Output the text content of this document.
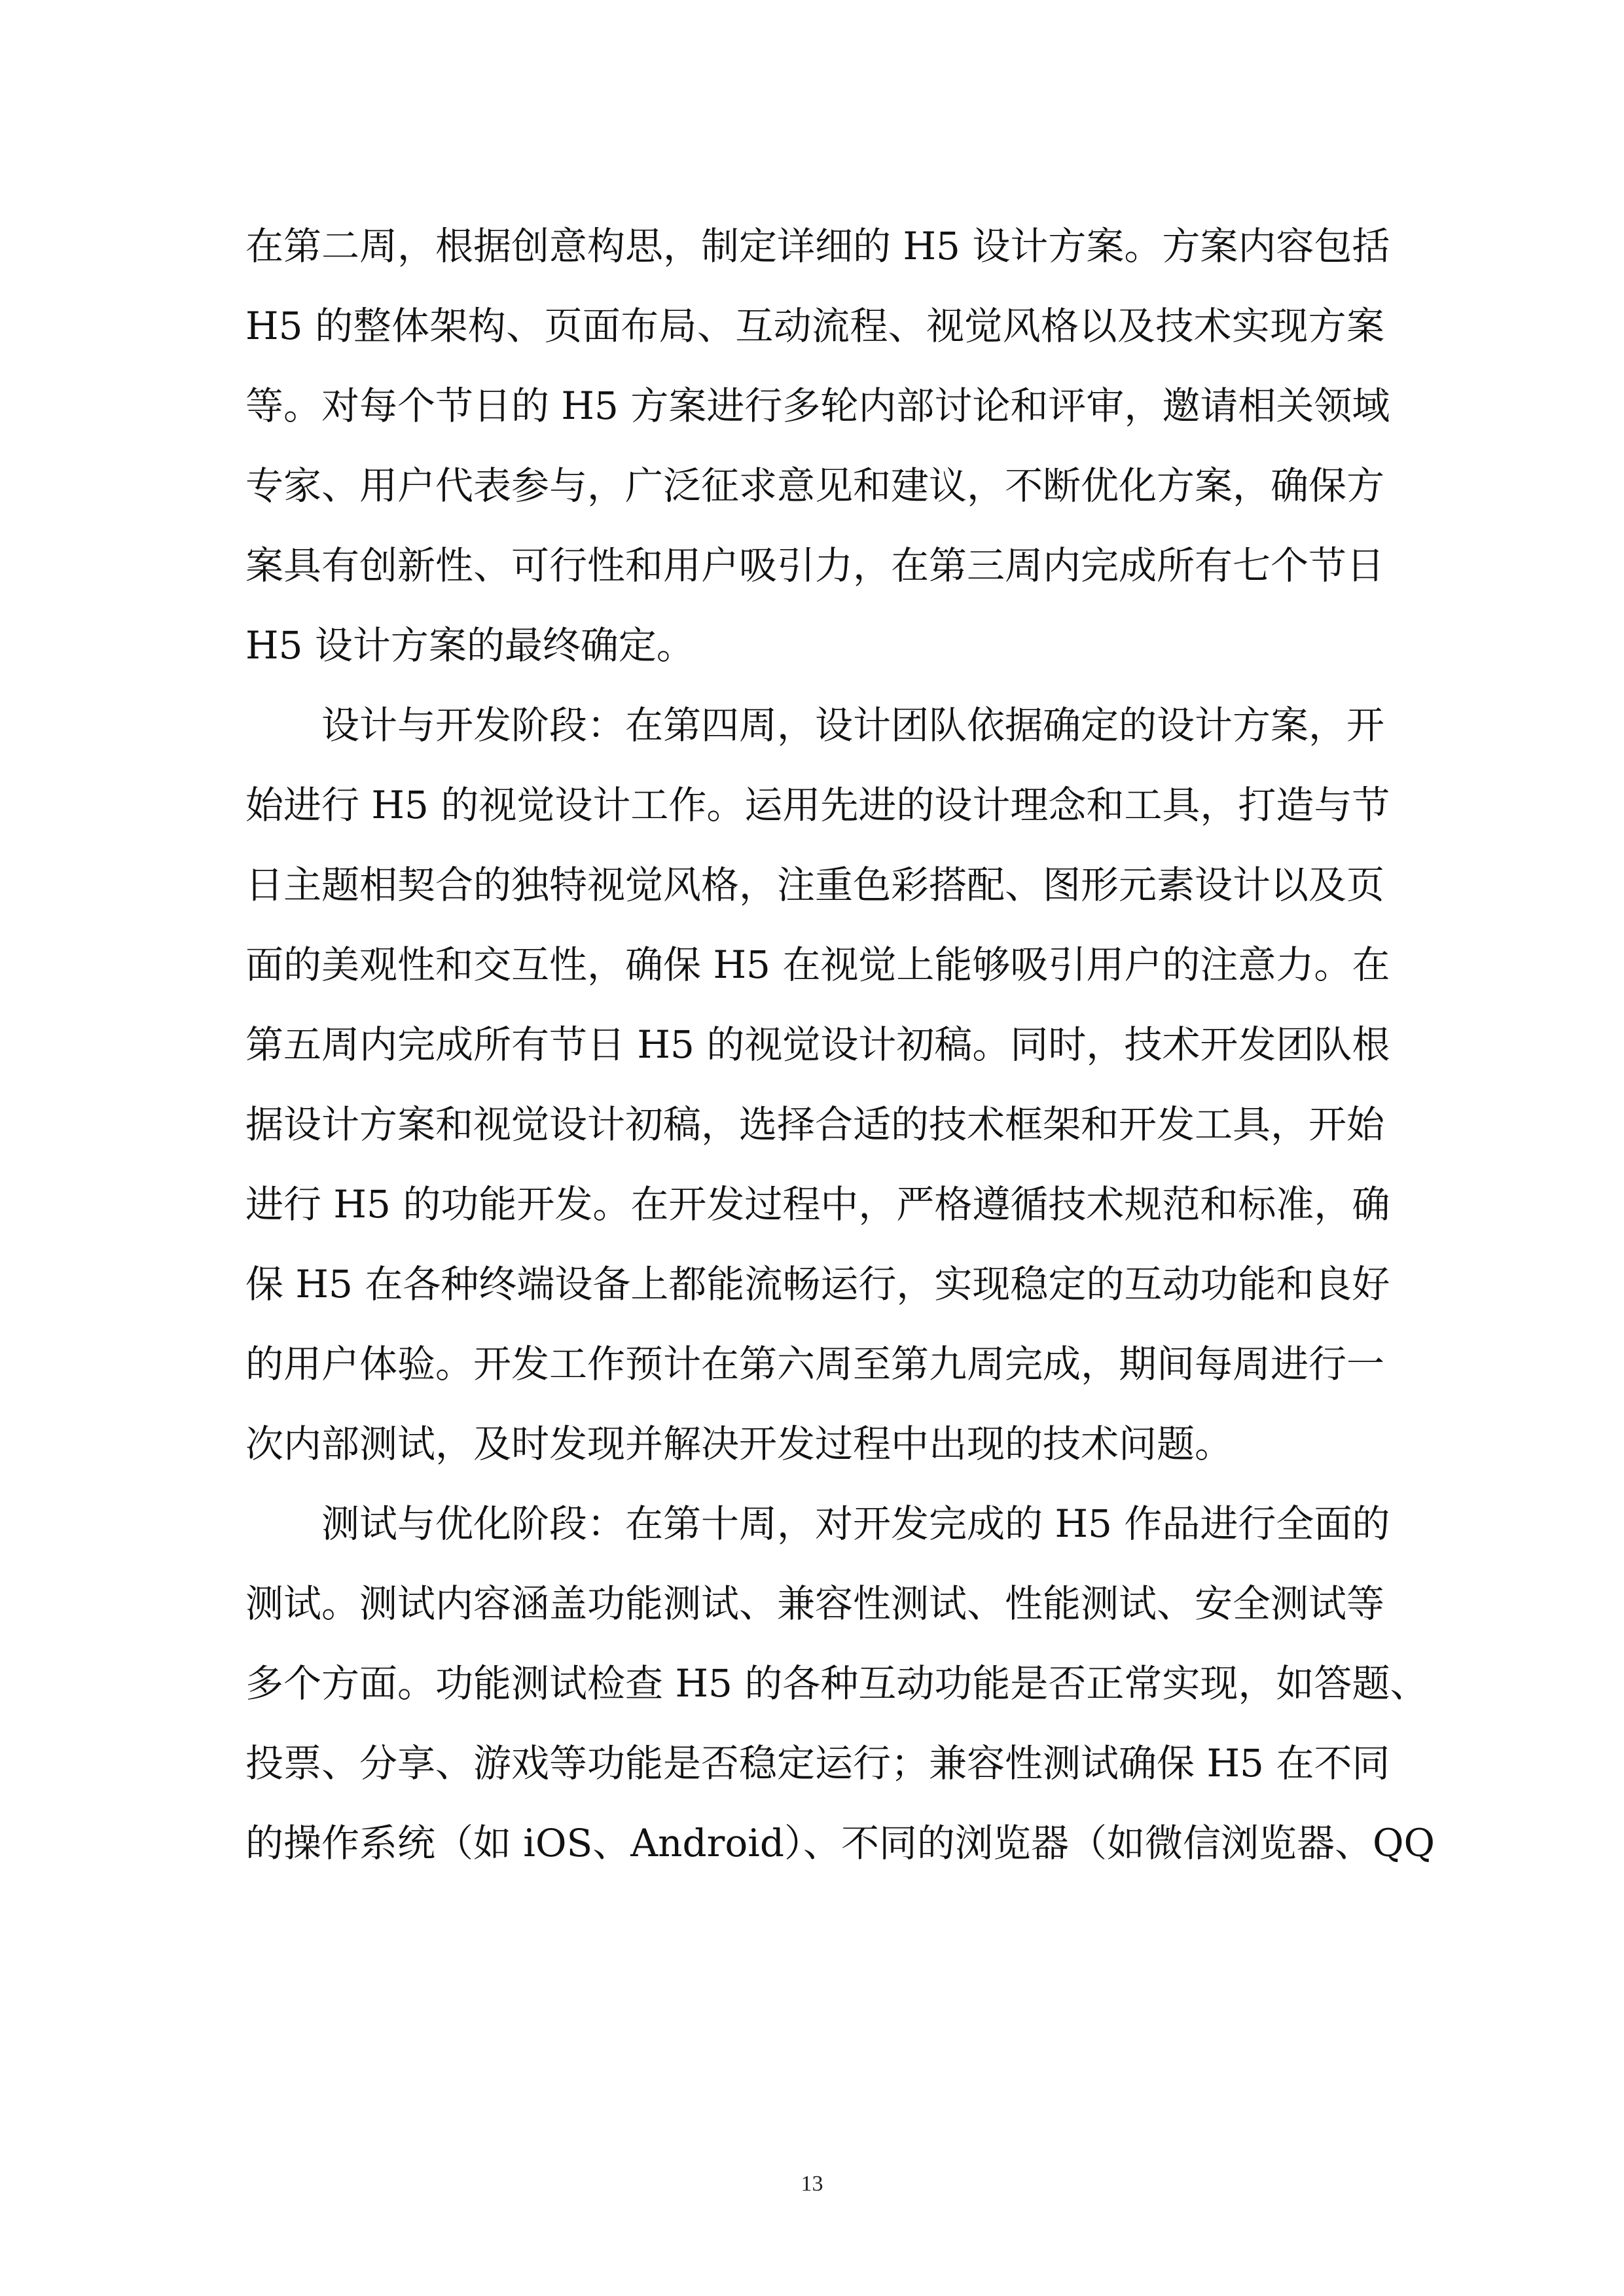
在第二周，根据创意构思，制定详细的 H5 设计方案。方案内容包括
H5 的整体架构、页面布局、互动流程、视觉风格以及技术实现方案
等。对每个节日的 H5 方案进行多轮内部讨论和评审，邀请相关领域
专家、用户代表参与，广泛征求意见和建议，不断优化方案，确保方
案具有创新性、可行性和用户吸引力，在第三周内完成所有七个节日
H5 设计方案的最终确定。
设计与开发阶段：在第四周，设计团队依据确定的设计方案，开
始进行 H5 的视觉设计工作。运用先进的设计理念和工具，打造与节
日主题相契合的独特视觉风格，注重色彩搭配、图形元素设计以及页
面的美观性和交互性，确保 H5 在视觉上能够吸引用户的注意力。在
第五周内完成所有节日 H5 的视觉设计初稿。同时，技术开发团队根
据设计方案和视觉设计初稿，选择合适的技术框架和开发工具，开始
进行 H5 的功能开发。在开发过程中，严格遵循技术规范和标准，确
保 H5 在各种终端设备上都能流畅运行，实现稳定的互动功能和良好
的用户体验。开发工作预计在第六周至第九周完成，期间每周进行一
次内部测试，及时发现并解决开发过程中出现的技术问题。
测试与优化阶段：在第十周，对开发完成的 H5 作品进行全面的
测试。测试内容涵盖功能测试、兼容性测试、性能测试、安全测试等
多个方面。功能测试检查 H5 的各种互动功能是否正常实现，如答题、
投票、分享、游戏等功能是否稳定运行；兼容性测试确保 H5 在不同
的操作系统（如 iOS、Android）、不同的浏览器（如微信浏览器、QQ
13
